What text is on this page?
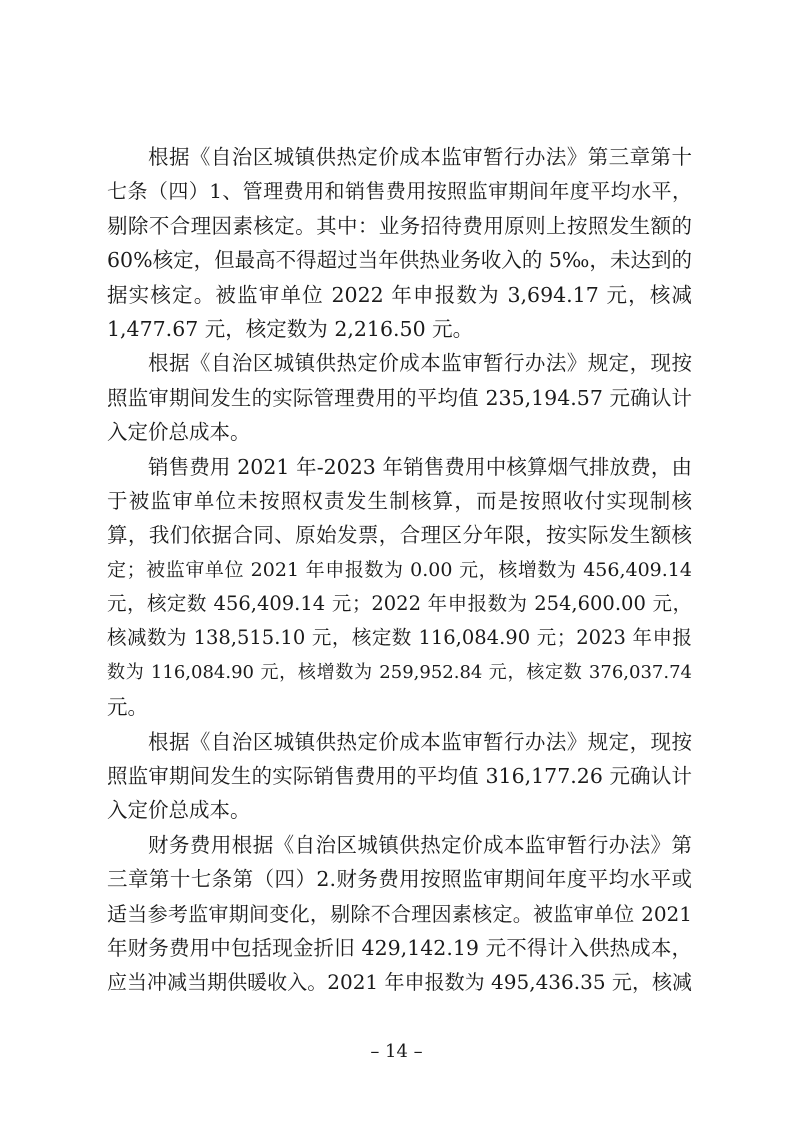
根据《自治区城镇供热定价成本监审暂行办法》第三章第十
七条（四）1、管理费用和销售费用按照监审期间年度平均水平，
剔除不合理因素核定。其中：业务招待费用原则上按照发生额的
60%核定，但最高不得超过当年供热业务收入的 5‰，未达到的
据实核定。被监审单位 2022 年申报数为 3,694.17 元，核减
1,477.67 元，核定数为 2,216.50 元。
根据《自治区城镇供热定价成本监审暂行办法》规定，现按
照监审期间发生的实际管理费用的平均值 235,194.57 元确认计
入定价总成本。
销售费用 2021 年-2023 年销售费用中核算烟气排放费，由
于被监审单位未按照权责发生制核算，而是按照收付实现制核
算，我们依据合同、原始发票，合理区分年限，按实际发生额核
定；被监审单位 2021 年申报数为 0.00 元，核增数为 456,409.14
元，核定数 456,409.14 元；2022 年申报数为 254,600.00 元，
核减数为 138,515.10 元，核定数 116,084.90 元；2023 年申报
数为 116,084.90 元，核增数为 259,952.84 元，核定数 376,037.74
元。
根据《自治区城镇供热定价成本监审暂行办法》规定，现按
照监审期间发生的实际销售费用的平均值 316,177.26 元确认计
入定价总成本。
财务费用根据《自治区城镇供热定价成本监审暂行办法》第
三章第十七条第（四）2.财务费用按照监审期间年度平均水平或
适当参考监审期间变化，剔除不合理因素核定。被监审单位 2021
年财务费用中包括现金折旧 429,142.19 元不得计入供热成本，
应当冲减当期供暖收入。2021 年申报数为 495,436.35 元，核减
– 14 –
